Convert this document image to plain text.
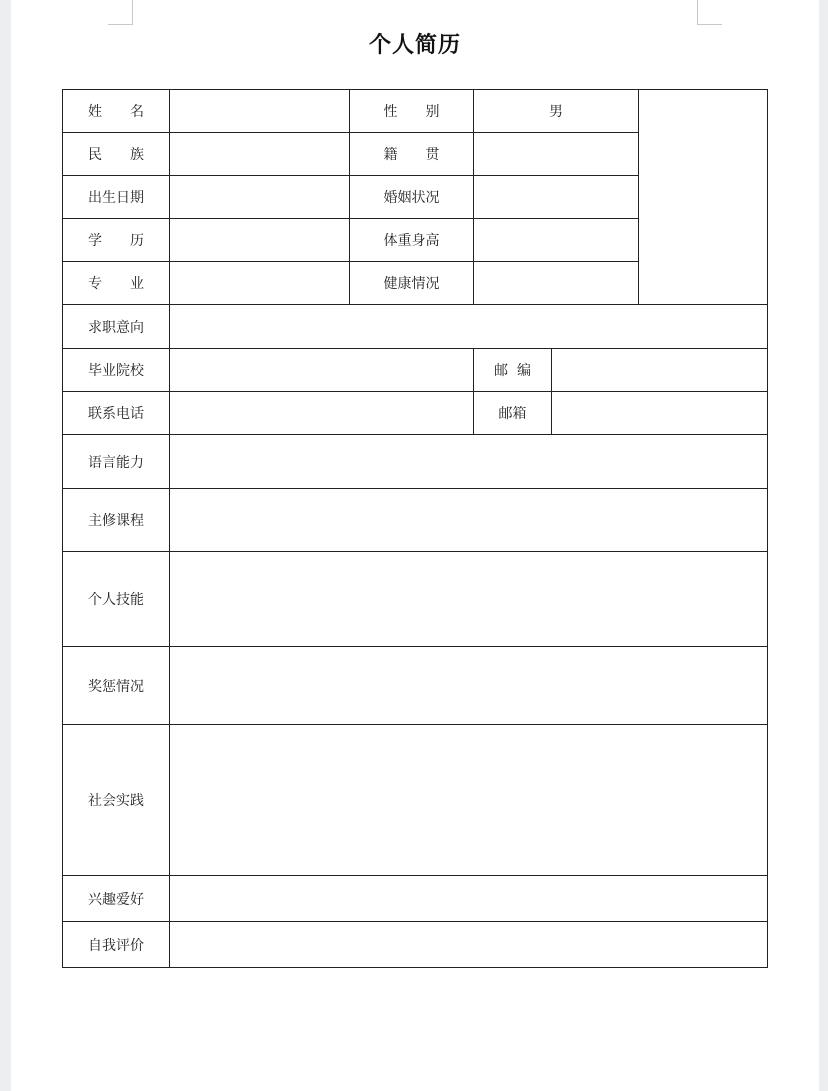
个人简历
姓　　名		性　　别	男		
民　　族		籍　　贯			
出生日期		婚姻状况			
学　　历		体重身高			
专　　业		健康情况			
求职意向					
毕业院校			邮  编		
联系电话			邮箱		
语言能力					
主修课程					
个人技能					
奖惩情况					
社会实践					
兴趣爱好					
自我评价					
